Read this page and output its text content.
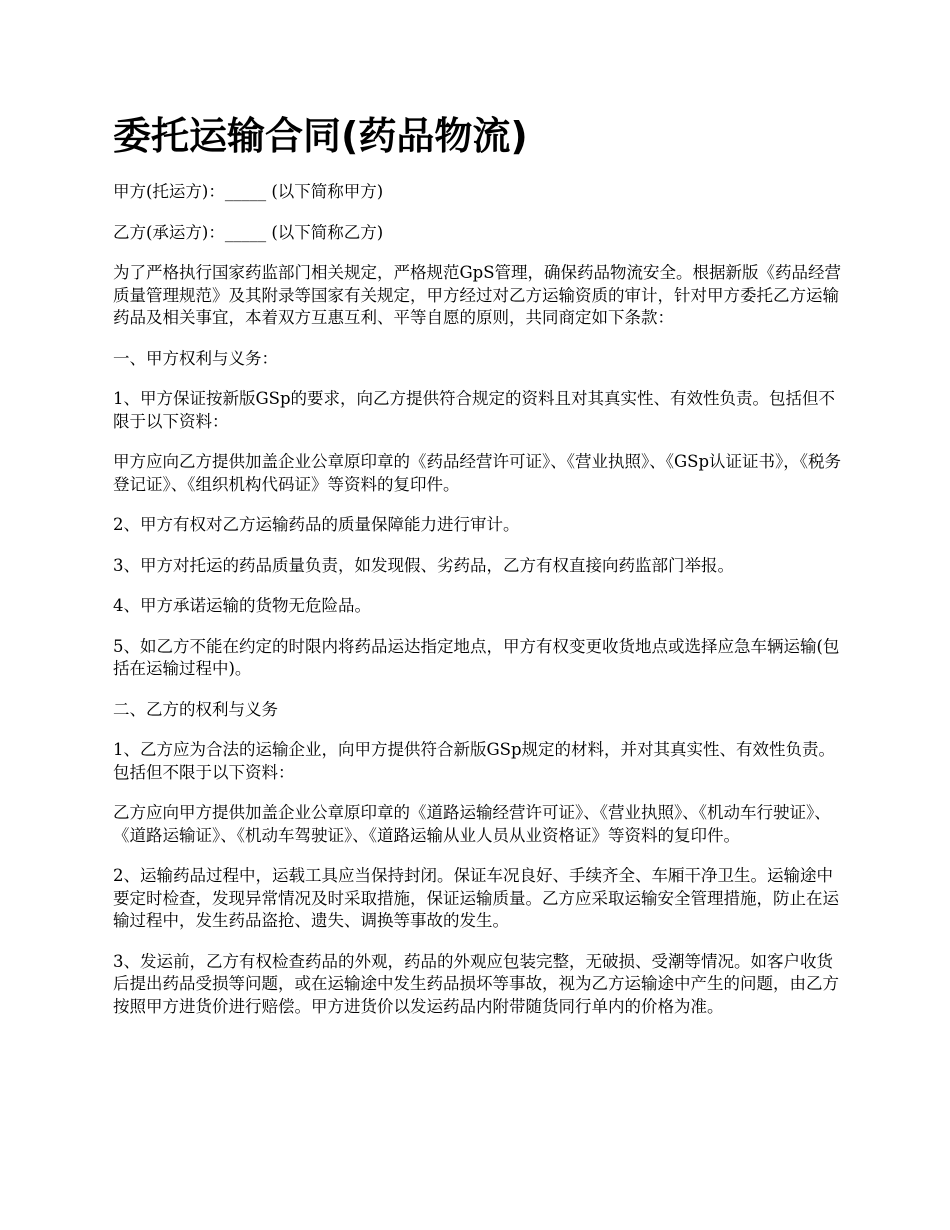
委托运输合同(药品物流)

甲方(托运方)：_____ (以下简称甲方)

乙方(承运方)：_____ (以下简称乙方)

为了严格执行国家药监部门相关规定，严格规范GpS管理，确保药品物流安全。根据新版《药品经营质量管理规范》及其附录等国家有关规定，甲方经过对乙方运输资质的审计，针对甲方委托乙方运输药品及相关事宜，本着双方互惠互利、平等自愿的原则，共同商定如下条款：

一、甲方权利与义务：

1、甲方保证按新版GSp的要求，向乙方提供符合规定的资料且对其真实性、有效性负责。包括但不限于以下资料：

甲方应向乙方提供加盖企业公章原印章的《药品经营许可证》、《营业执照》、《GSp认证证书》，《税务登记证》、《组织机构代码证》等资料的复印件。

2、甲方有权对乙方运输药品的质量保障能力进行审计。

3、甲方对托运的药品质量负责，如发现假、劣药品，乙方有权直接向药监部门举报。

4、甲方承诺运输的货物无危险品。

5、如乙方不能在约定的时限内将药品运达指定地点，甲方有权变更收货地点或选择应急车辆运输(包括在运输过程中)。

二、乙方的权利与义务

1、乙方应为合法的运输企业，向甲方提供符合新版GSp规定的材料，并对其真实性、有效性负责。包括但不限于以下资料：

乙方应向甲方提供加盖企业公章原印章的《道路运输经营许可证》、《营业执照》、《机动车行驶证》、《道路运输证》、《机动车驾驶证》、《道路运输从业人员从业资格证》等资料的复印件。

2、运输药品过程中，运载工具应当保持封闭。保证车况良好、手续齐全、车厢干净卫生。运输途中要定时检查，发现异常情况及时采取措施，保证运输质量。乙方应采取运输安全管理措施，防止在运输过程中，发生药品盗抢、遗失、调换等事故的发生。

3、发运前，乙方有权检查药品的外观，药品的外观应包装完整，无破损、受潮等情况。如客户收货后提出药品受损等问题，或在运输途中发生药品损坏等事故，视为乙方运输途中产生的问题，由乙方按照甲方进货价进行赔偿。甲方进货价以发运药品内附带随货同行单内的价格为准。
